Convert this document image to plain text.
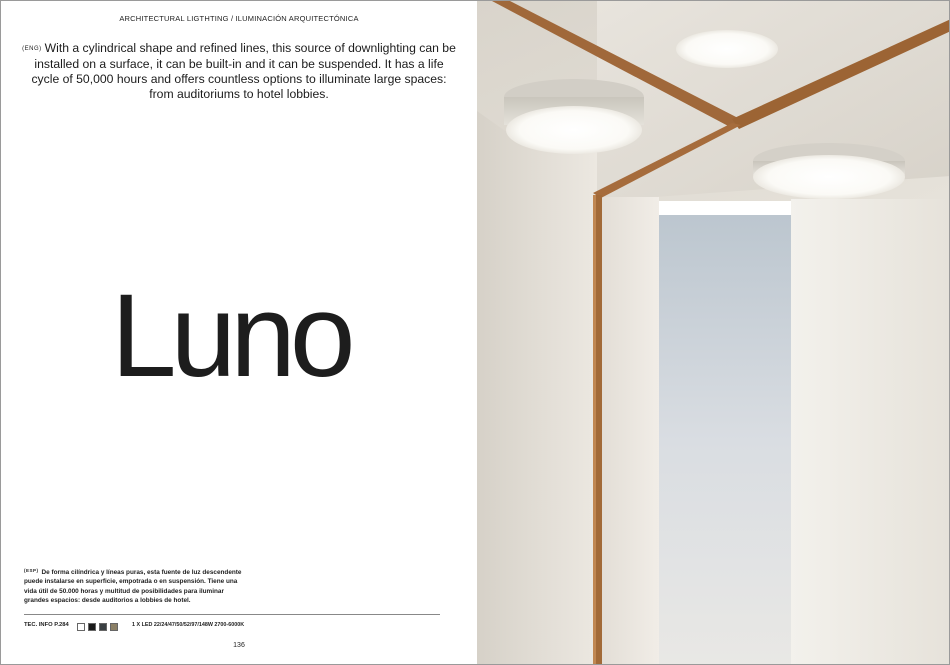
ARCHITECTURAL LIGTHTING / ILUMINACIÓN ARQUITECTÓNICA
(ENG) With a cylindrical shape and refined lines, this source of downlighting can be installed on a surface, it can be built-in and it can be suspended. It has a life cycle of 50,000 hours and offers countless options to illuminate large spaces: from auditoriums to hotel lobbies.
Luno
$^{(ESP)}$ De forma cilíndrica y líneas puras, esta fuente de luz descendente puede instalarse en superficie, empotrada o en suspensión. Tiene una vida útil de 50.000 horas y multitud de posibilidades para iluminar grandes espacios: desde auditorios a lobbies de hotel.
TEC. INFO P.284	1 X LED 22/24/47/50/52/97/148W 2700-6000K
136
